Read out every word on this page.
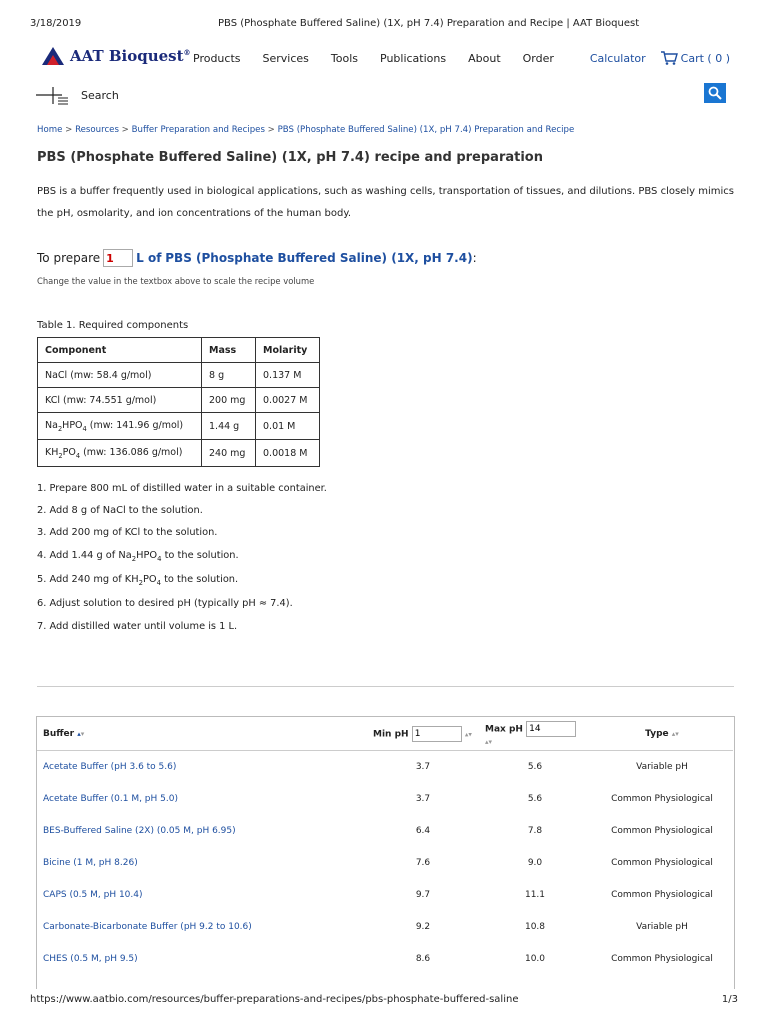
3/18/2019	PBS (Phosphate Buffered Saline) (1X, pH 7.4) Preparation and Recipe | AAT Bioquest
AAT Bioquest® Products Services Tools Publications About Order	Calculator	Cart ( 0 )
Search
Home > Resources > Buffer Preparation and Recipes > PBS (Phosphate Buffered Saline) (1X, pH 7.4) Preparation and Recipe
PBS (Phosphate Buffered Saline) (1X, pH 7.4) recipe and preparation

PBS is a buffer frequently used in biological applications, such as washing cells, transportation of tissues, and dilutions. PBS closely mimics the pH, osmolarity, and ion concentrations of the human body.

To prepare
1	L of
PBS (Phosphate Buffered Saline) (1X, pH 7.4) :
Change the value in the textbox above to scale the recipe volume
Table 1. Required components
Component	Mass	Molarity
NaCl (mw: 58.4 g/mol)	8 g	0.137 M
KCl (mw: 74.551 g/mol)	200 mg	0.0027 M
$Na_2HPO_4$ (mw: 141.96 g/mol)	1.44 g	0.01 M
$KH_2PO_4$ (mw: 136.086 g/mol)	240 mg	0.0018 M
1. Prepare 800 mL of distilled water in a suitable container.
2. Add 8 g of NaCl to the solution.
3. Add 200 mg of KCl to the solution.
4. Add 1.44 g of $Na_2HPO_4$ to the solution.
5. Add 240 mg of $KH_2PO_4$ to the solution.
6. Adjust solution to desired pH (typically pH ≈ 7.4).
7. Add distilled water until volume is 1 L.
Buffer ▴▾	Min pH 1 ▴▾	Max pH 14 ▴▾	Type ▴▾
Acetate Buffer (pH 3.6 to 5.6)	3.7	5.6	Variable pH
Acetate Buffer (0.1 M, pH 5.0)	3.7	5.6	Common Physiological
BES-Buffered Saline (2X) (0.05 M, pH 6.95)	6.4	7.8	Common Physiological
Bicine (1 M, pH 8.26)	7.6	9.0	Common Physiological
CAPS (0.5 M, pH 10.4)	9.7	11.1	Common Physiological
Carbonate-Bicarbonate Buffer (pH 9.2 to 10.6)	9.2	10.8	Variable pH
CHES (0.5 M, pH 9.5)	8.6	10.0	Common Physiological
https://www.aatbio.com/resources/buffer-preparations-and-recipes/pbs-phosphate-buffered-saline	1/3
